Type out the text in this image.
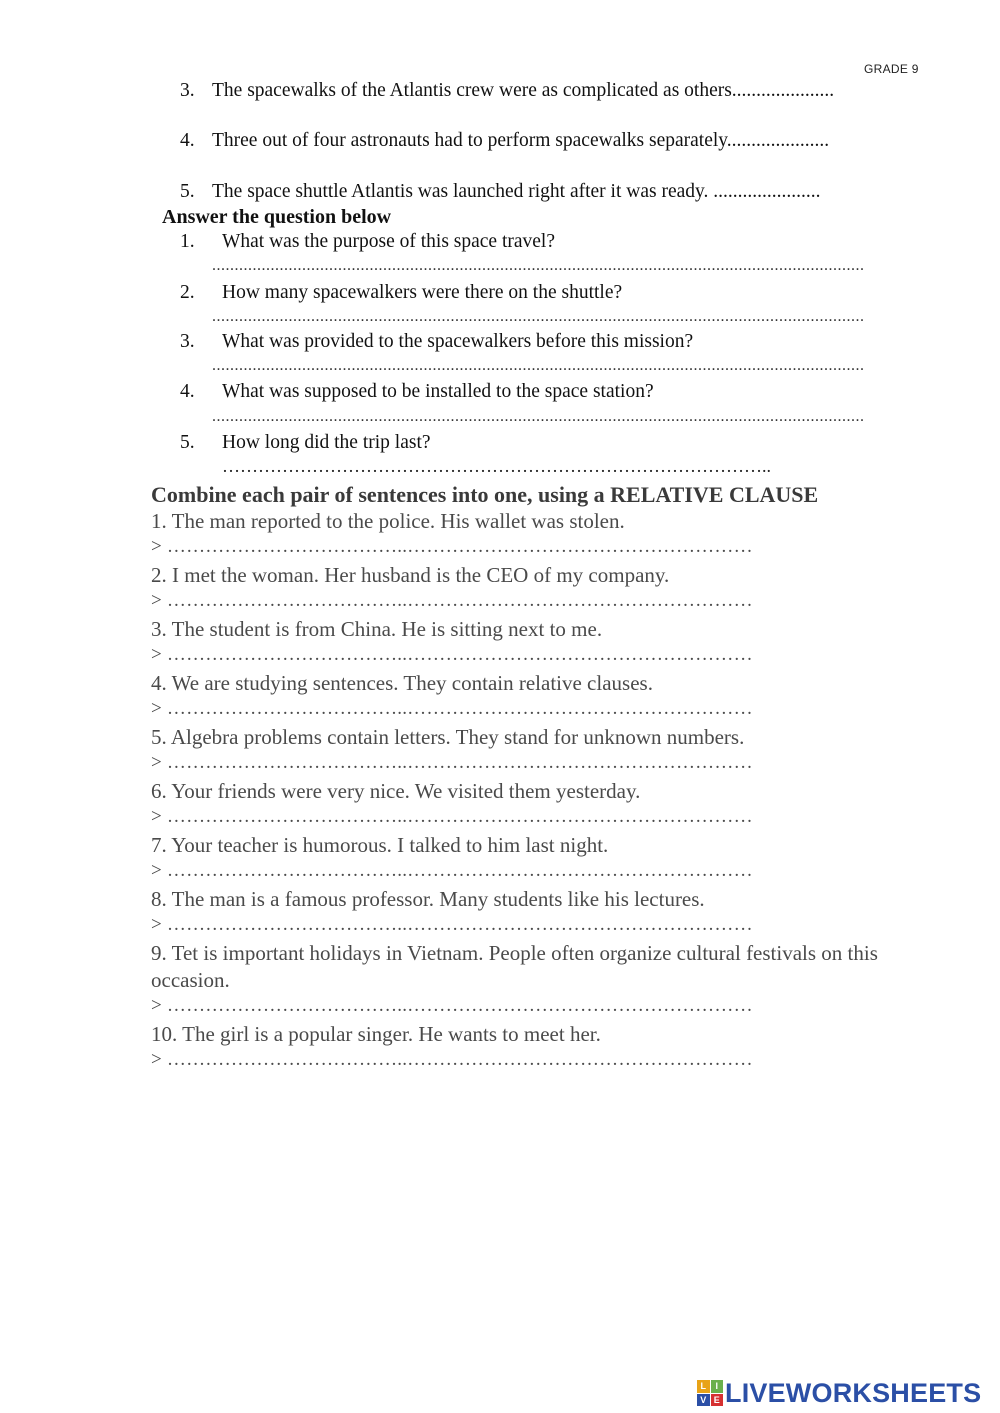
GRADE 9
3. The spacewalks of the Atlantis crew were as complicated as others.....................
4. Three out of four astronauts had to perform spacewalks separately.....................
5. The space shuttle Atlantis was launched right after it was ready. ......................
Answer the question below
1. What was the purpose of this space travel?
.................................................................................................................................................
2. How many spacewalkers were there on the shuttle?
.................................................................................................................................................
3. What was provided to the spacewalkers before this mission?
.................................................................................................................................................
4. What was supposed to be installed to the space station?
.................................................................................................................................................
5. How long did the trip last?
………………………………………………………………………………..
Combine each pair of sentences into one, using a RELATIVE CLAUSE
1. The man reported to the police. His wallet was stolen.
> ………………………………..………………………………………………
2. I met the woman. Her husband is the CEO of my company.
> ………………………………..………………………………………………
3. The student is from China. He is sitting next to me.
> ………………………………..………………………………………………
4. We are studying sentences. They contain relative clauses.
> ………………………………..………………………………………………
5. Algebra problems contain letters. They stand for unknown numbers.
> ………………………………..………………………………………………
6. Your friends were very nice. We visited them yesterday.
> ………………………………..………………………………………………
7. Your teacher is humorous. I talked to him last night.
> ………………………………..………………………………………………
8. The man is a famous professor. Many students like his lectures.
> ………………………………..………………………………………………
9. Tet is important holidays in Vietnam. People often organize cultural festivals on this occasion.
> ………………………………..………………………………………………
10. The girl is a popular singer. He wants to meet her.
> ………………………………..………………………………………………
L	I
V E LIVEWORKSHEETS
